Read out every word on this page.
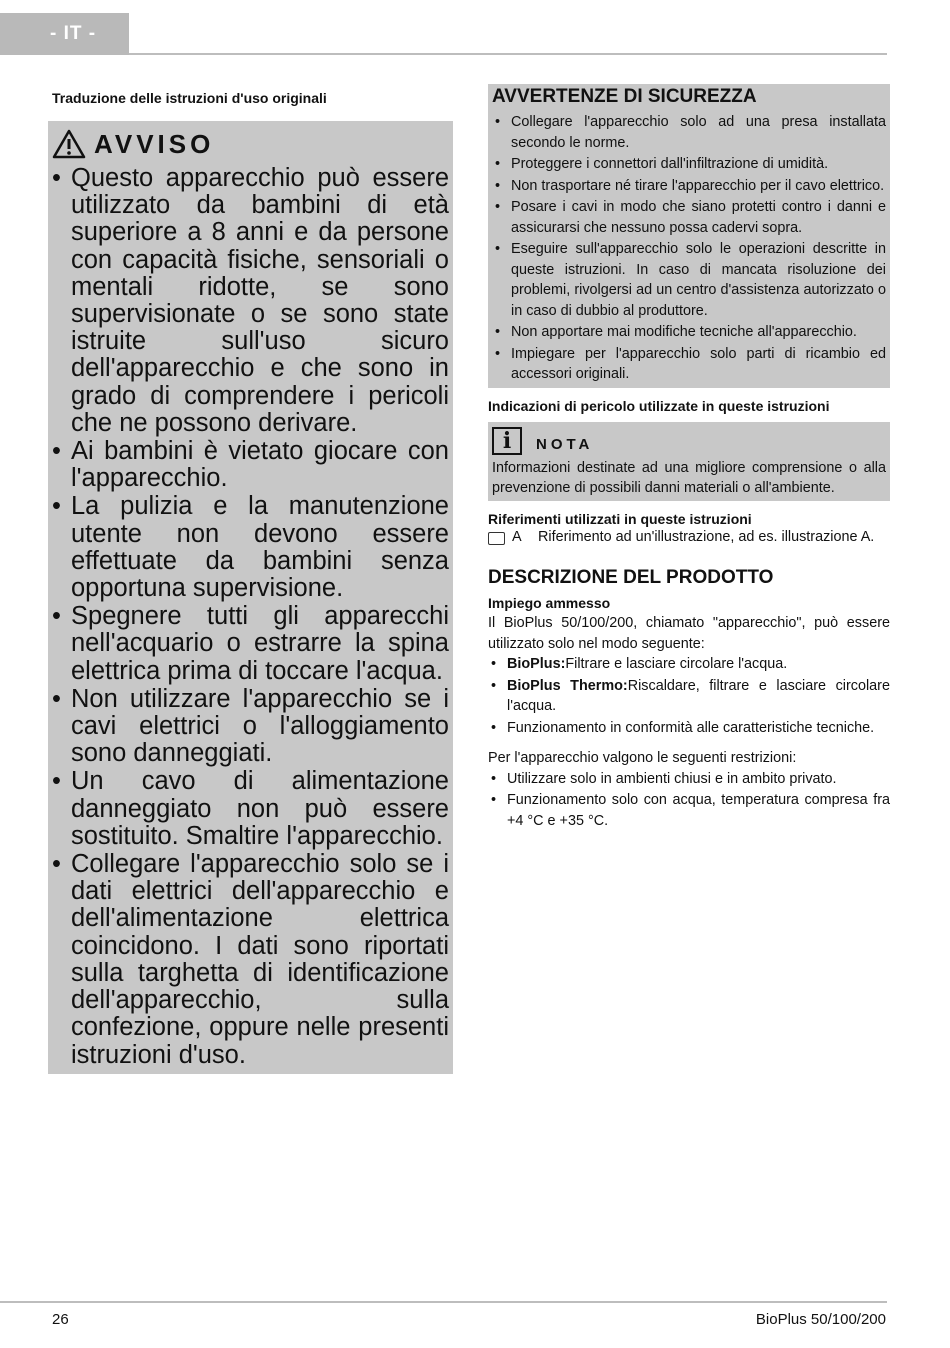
- IT -

Traduzione delle istruzioni d'uso originali

AVVISO
• Questo apparecchio può essere utilizzato da bambini di età superiore a 8 anni e da persone con capacità fisiche, sensoriali o mentali ridotte, se sono supervisionate o se sono state istruite sull'uso sicuro dell'apparecchio e che sono in grado di comprendere i pericoli che ne possono derivare.
• Ai bambini è vietato giocare con l'apparecchio.
• La pulizia e la manutenzione utente non devono essere effettuate da bambini senza opportuna supervisione.
• Spegnere tutti gli apparecchi nell'acquario o estrarre la spina elettrica prima di toccare l'acqua.
• Non utilizzare l'apparecchio se i cavi elettrici o l'alloggiamento sono danneggiati.
• Un cavo di alimentazione danneggiato non può essere sostituito. Smaltire l'apparecchio.
• Collegare l'apparecchio solo se i dati elettrici dell'apparecchio e dell'alimentazione elettrica coincidono. I dati sono riportati sulla targhetta di identificazione dell'apparecchio, sulla confezione, oppure nelle presenti istruzioni d'uso.
AVVERTENZE DI SICUREZZA
• Collegare l'apparecchio solo ad una presa installata secondo le norme.
• Proteggere i connettori dall'infiltrazione di umidità.
• Non trasportare né tirare l'apparecchio per il cavo elettrico.
• Posare i cavi in modo che siano protetti contro i danni e assicurarsi che nessuno possa cadervi sopra.
• Eseguire sull'apparecchio solo le operazioni descritte in queste istruzioni. In caso di mancata risoluzione dei problemi, rivolgersi ad un centro d'assistenza autorizzato o in caso di dubbio al produttore.
• Non apportare mai modifiche tecniche all'apparecchio.
• Impiegare per l'apparecchio solo parti di ricambio ed accessori originali.

Indicazioni di pericolo utilizzate in queste istruzioni

i	NOTA

Informazioni destinate ad una migliore comprensione o alla prevenzione di possibili danni materiali o all'ambiente.

Riferimenti utilizzati in queste istruzioni

A	Riferimento ad un'illustrazione, ad es. illustrazione A.
DESCRIZIONE DEL PRODOTTO

Impiego ammesso

Il BioPlus 50/100/200, chiamato "apparecchio", può essere utilizzato solo nel modo seguente:

• BioPlus:Filtrare e lasciare circolare l'acqua.
• BioPlus Thermo:Riscaldare, filtrare e lasciare circolare l'acqua.
• Funzionamento in conformità alle caratteristiche tecniche.

Per l'apparecchio valgono le seguenti restrizioni:

• Utilizzare solo in ambienti chiusi e in ambito privato.
• Funzionamento solo con acqua, temperatura compresa fra +4 °C e +35 °C.
26	BioPlus 50/100/200
